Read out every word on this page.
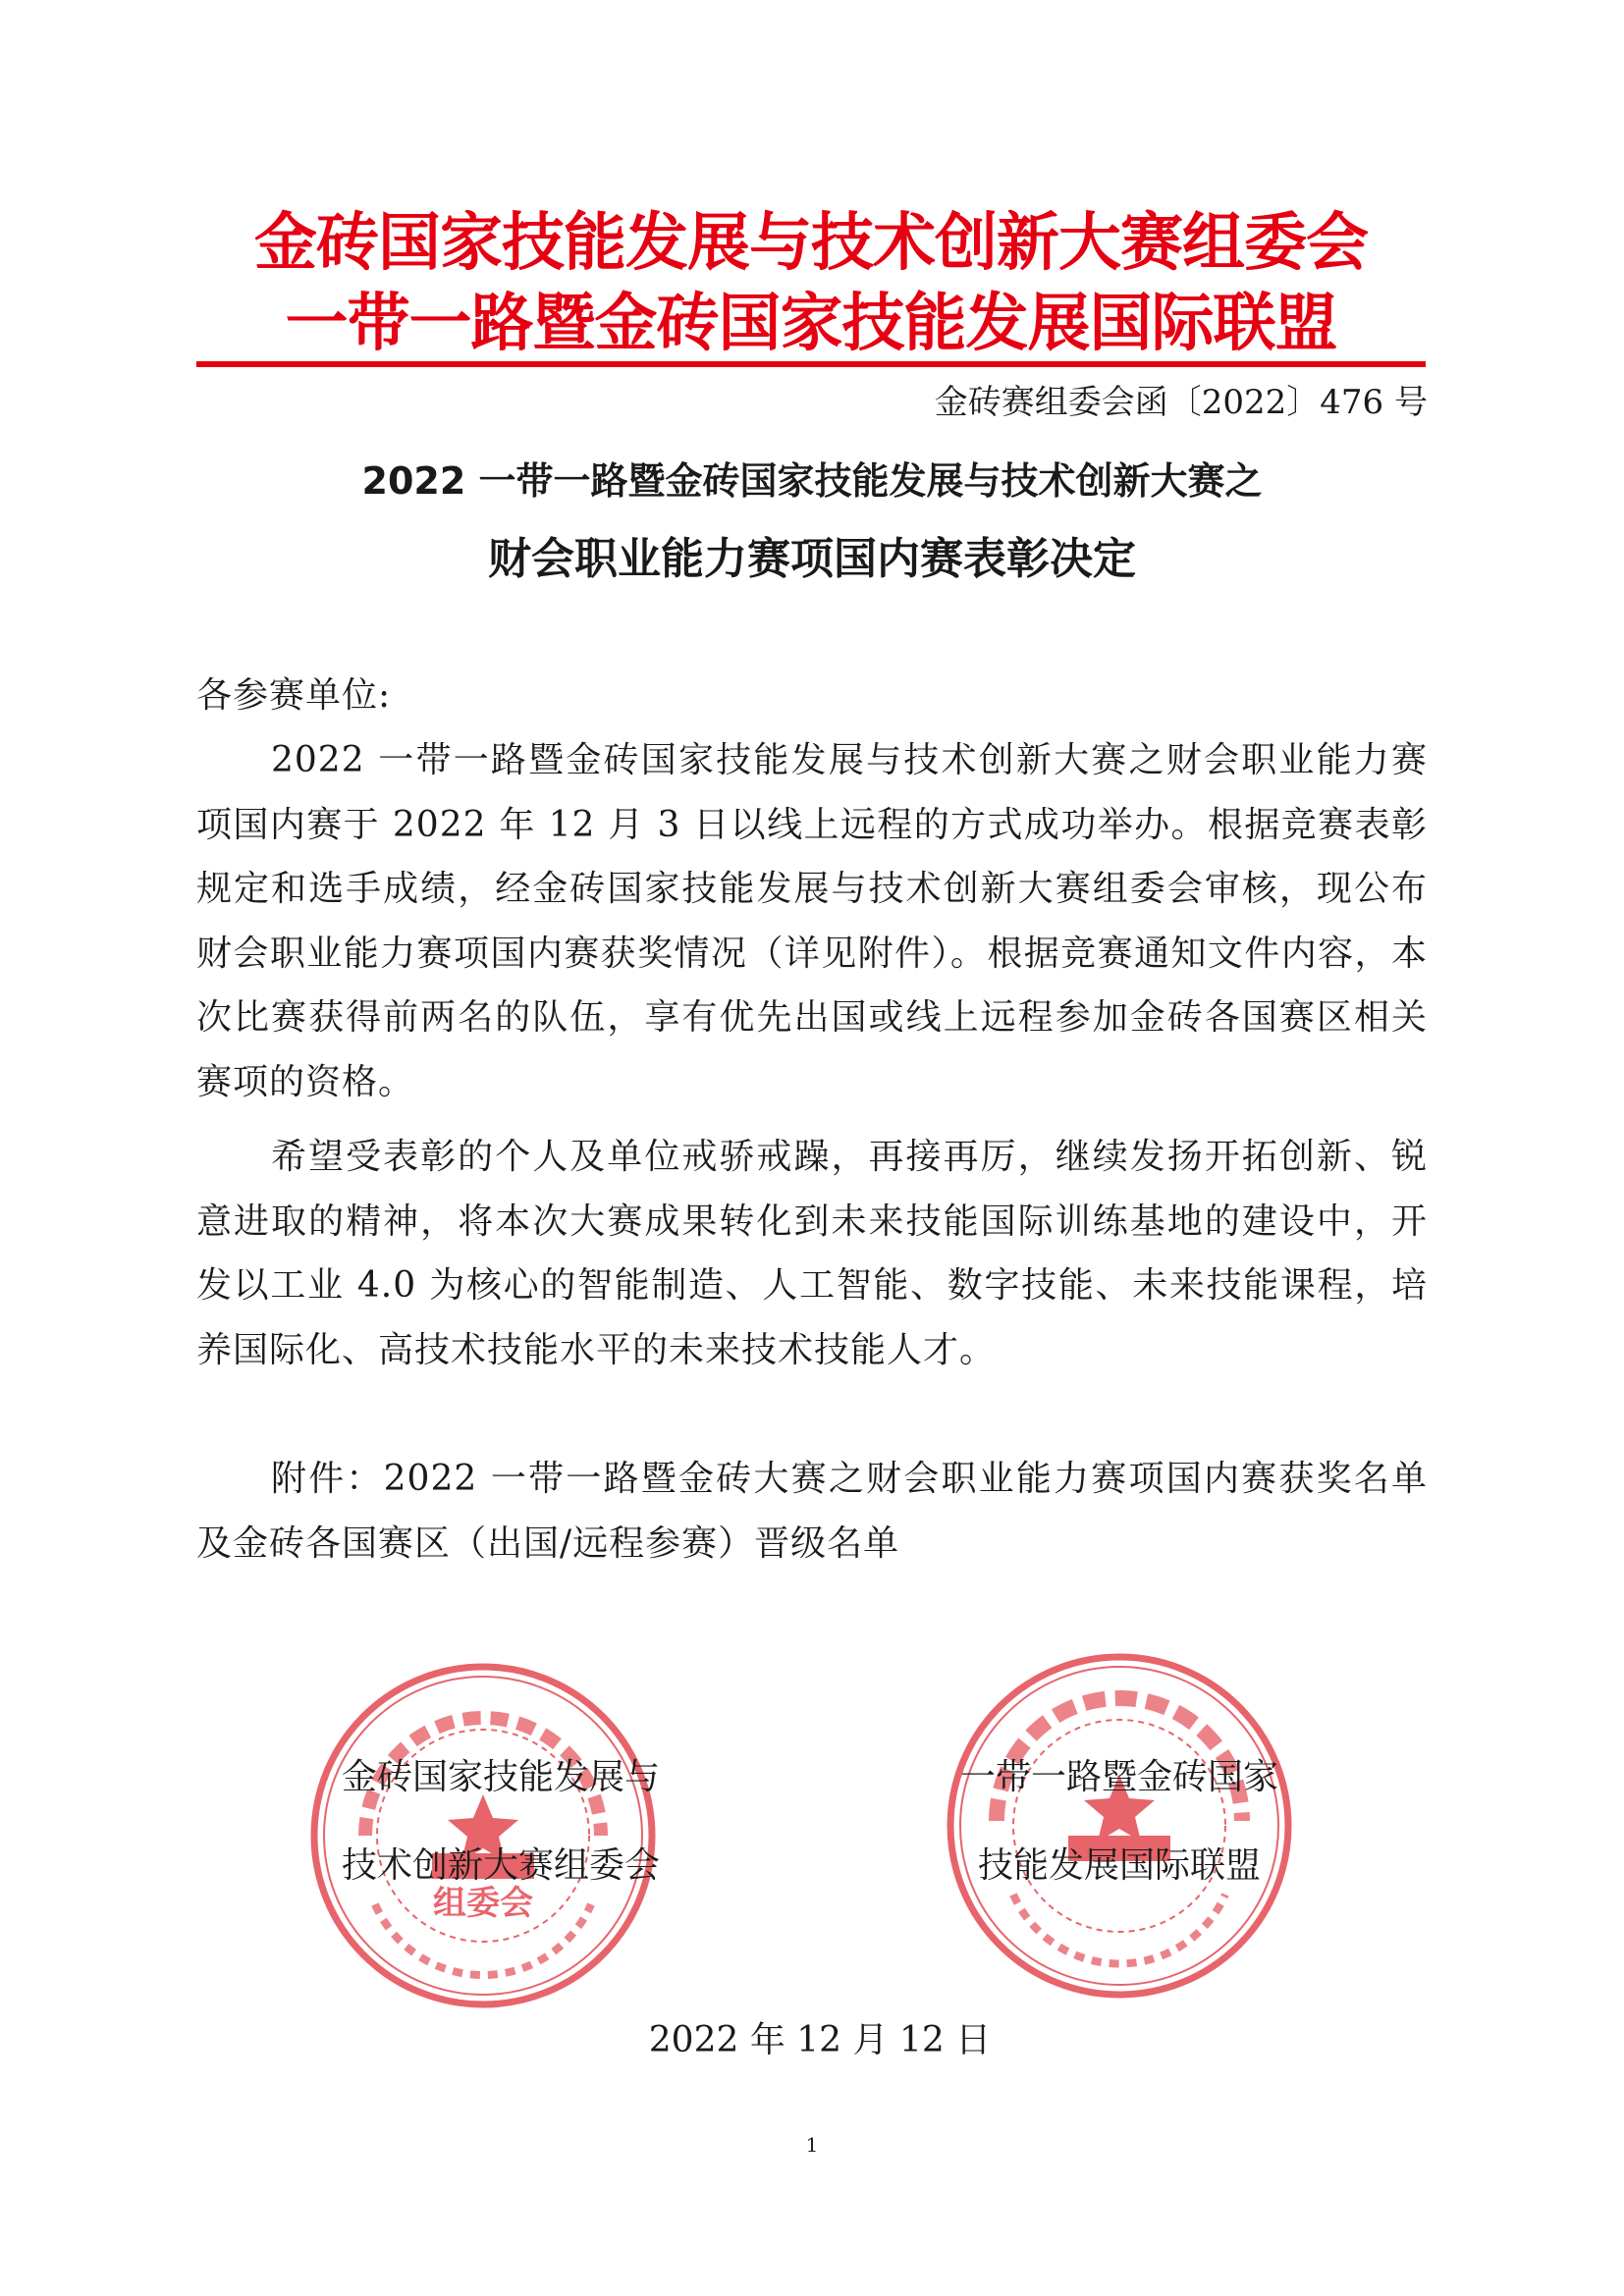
金砖国家技能发展与技术创新大赛组委会
一带一路暨金砖国家技能发展国际联盟
金砖赛组委会函〔2022〕476 号
2022 一带一路暨金砖国家技能发展与技术创新大赛之
财会职业能力赛项国内赛表彰决定
各参赛单位:
2022 一带一路暨金砖国家技能发展与技术创新大赛之财会职业能力赛项国内赛于 2022 年 12 月 3 日以线上远程的方式成功举办。根据竞赛表彰规定和选手成绩，经金砖国家技能发展与技术创新大赛组委会审核，现公布财会职业能力赛项国内赛获奖情况（详见附件）。根据竞赛通知文件内容，本次比赛获得前两名的队伍，享有优先出国或线上远程参加金砖各国赛区相关赛项的资格。
希望受表彰的个人及单位戒骄戒躁，再接再厉，继续发扬开拓创新、锐意进取的精神，将本次大赛成果转化到未来技能国际训练基地的建设中，开发以工业 4.0 为核心的智能制造、人工智能、数字技能、未来技能课程，培养国际化、高技术技能水平的未来技术技能人才。
附件：2022 一带一路暨金砖大赛之财会职业能力赛项国内赛获奖名单及金砖各国赛区（出国/远程参赛）晋级名单
组委会
金砖国家技能发展与
技术创新大赛组委会
一带一路暨金砖国家
技能发展国际联盟
2022 年 12 月 12 日
1
